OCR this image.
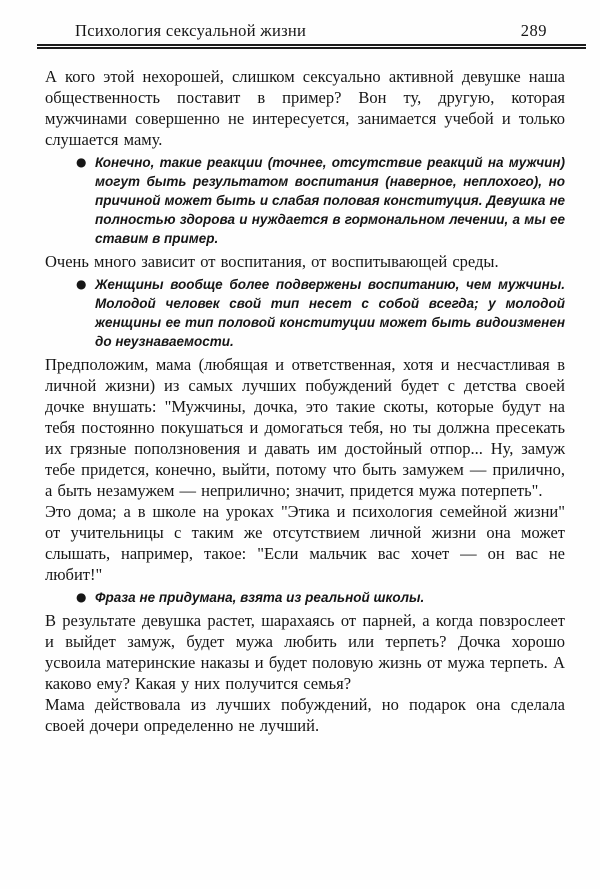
Психология сексуальной жизни	289

А кого этой нехорошей, слишком сексуально активной девушке наша общественность поставит в пример? Вон ту, другую, которая мужчинами совершенно не интересуется, занимается учебой и только слушается маму.

● Конечно, такие реакции (точнее, отсутствие реакций на мужчин) могут быть результатом воспитания (наверное, неплохого), но причиной может быть и слабая половая конституция. Девушка не полностью здорова и нуждается в гормональном лечении, а мы ее ставим в пример.

Очень много зависит от воспитания, от воспитывающей среды.

● Женщины вообще более подвержены воспитанию, чем мужчины. Молодой человек свой тип несет с собой всегда; у молодой женщины ее тип половой конституции может быть видоизменен до неузнаваемости.

Предположим, мама (любящая и ответственная, хотя и несчастливая в личной жизни) из самых лучших побуждений будет с детства своей дочке внушать: "Мужчины, дочка, это такие скоты, которые будут на тебя постоянно покушаться и домогаться тебя, но ты должна пресекать их грязные поползновения и давать им достойный отпор... Ну, замуж тебе придется, конечно, выйти, потому что быть замужем — прилично, а быть незамужем — неприлично; значит, придется мужа потерпеть".

Это дома; а в школе на уроках "Этика и психология семейной жизни" от учительницы с таким же отсутствием личной жизни она может слышать, например, такое: "Если мальчик вас хочет — он вас не любит!"

● Фраза не придумана, взята из реальной школы.

В результате девушка растет, шарахаясь от парней, а когда повзрослеет и выйдет замуж, будет мужа любить или терпеть? Дочка хорошо усвоила материнские наказы и будет половую жизнь от мужа терпеть. А каково ему? Какая у них получится семья?

Мама действовала из лучших побуждений, но подарок она сделала своей дочери определенно не лучший.
